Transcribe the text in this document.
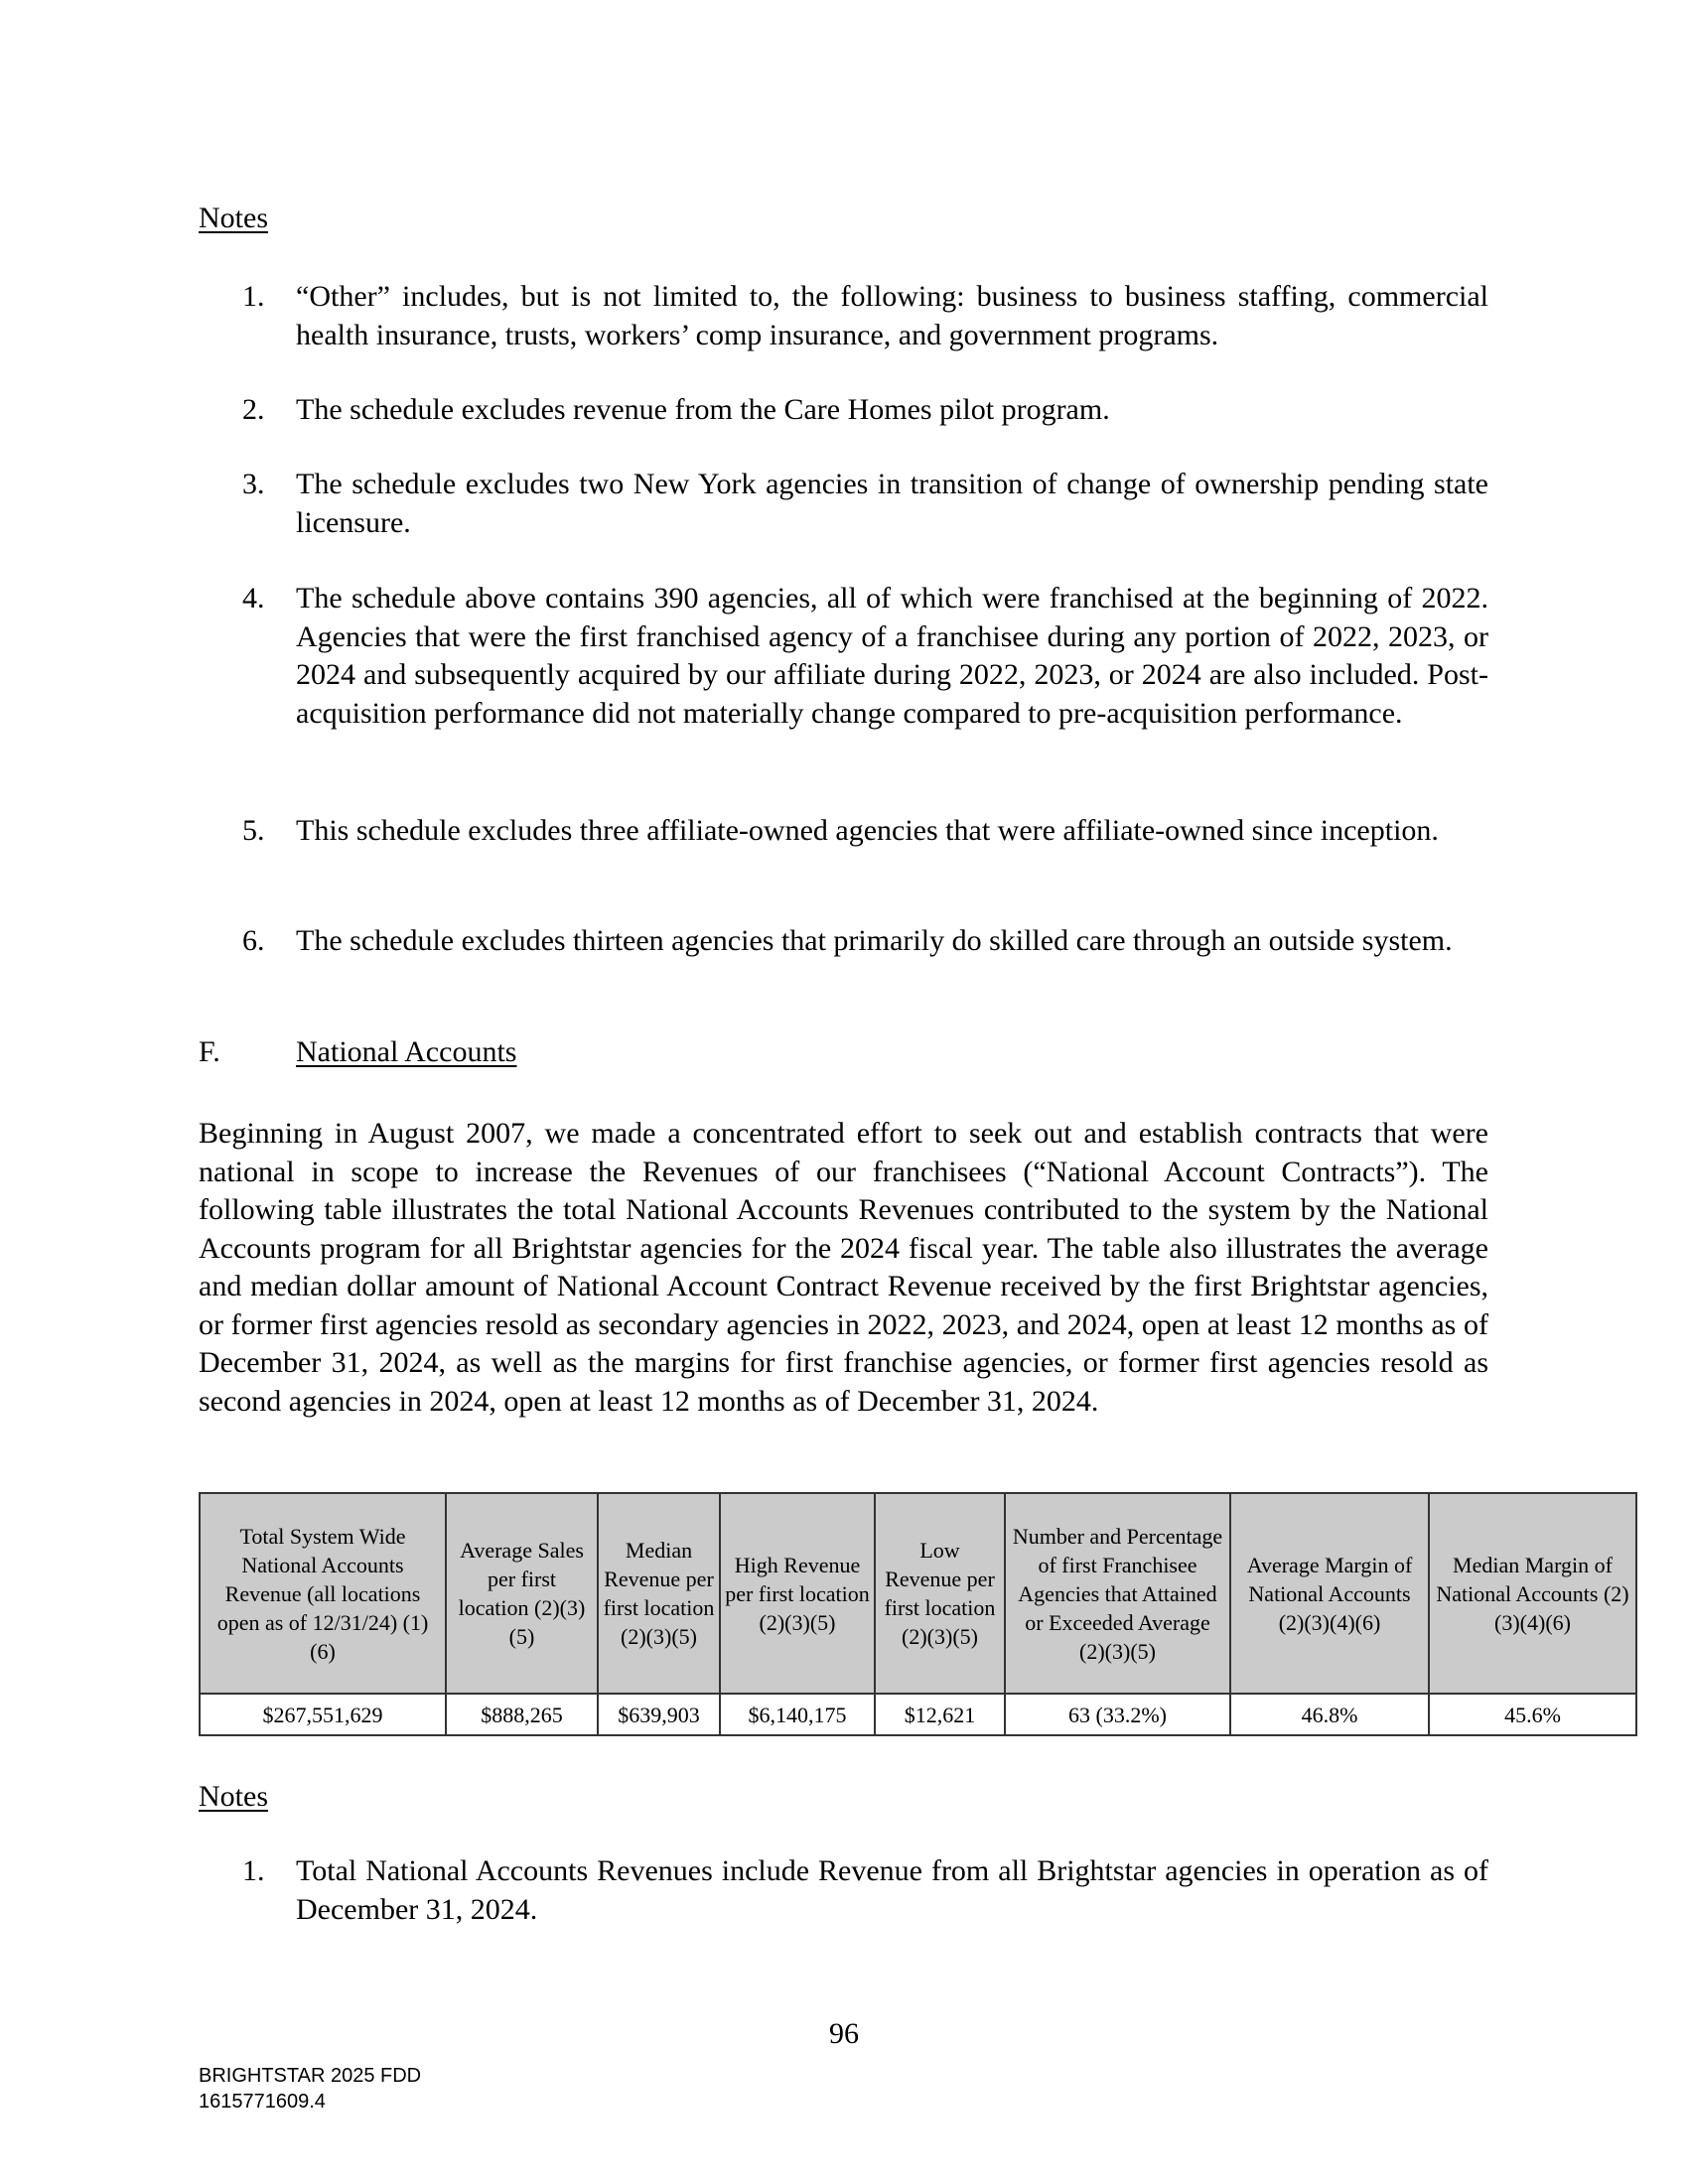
Notes
1. “Other” includes, but is not limited to, the following: business to business staffing, commercial health insurance, trusts, workers’ comp insurance, and government programs.
2. The schedule excludes revenue from the Care Homes pilot program.
3. The schedule excludes two New York agencies in transition of change of ownership pending state licensure.
4. The schedule above contains 390 agencies, all of which were franchised at the beginning of 2022. Agencies that were the first franchised agency of a franchisee during any portion of 2022, 2023, or 2024 and subsequently acquired by our affiliate during 2022, 2023, or 2024 are also included. Post-acquisition performance did not materially change compared to pre-acquisition performance.
5. This schedule excludes three affiliate-owned agencies that were affiliate-owned since inception.
6. The schedule excludes thirteen agencies that primarily do skilled care through an outside system.
F.	National Accounts
Beginning in August 2007, we made a concentrated effort to seek out and establish contracts that were national in scope to increase the Revenues of our franchisees (“National Account Contracts”). The following table illustrates the total National Accounts Revenues contributed to the system by the National Accounts program for all Brightstar agencies for the 2024 fiscal year. The table also illustrates the average and median dollar amount of National Account Contract Revenue received by the first Brightstar agencies, or former first agencies resold as secondary agencies in 2022, 2023, and 2024, open at least 12 months as of December 31, 2024, as well as the margins for first franchise agencies, or former first agencies resold as second agencies in 2024, open at least 12 months as of December 31, 2024.
Total System Wide National Accounts Revenue (all locations open as of 12/31/24) (1)(6)	Average Sales per first location (2)(3)(5)	Median Revenue per first location (2)(3)(5)	High Revenue per first location (2)(3)(5)	Low Revenue per first location (2)(3)(5)	Number and Percentage of first Franchisee Agencies that Attained or Exceeded Average (2)(3)(5)	Average Margin of National Accounts (2)(3)(4)(6)	Median Margin of National Accounts (2)(3)(4)(6)
$267,551,629	$888,265	$639,903	$6,140,175	$12,621	63 (33.2%)	46.8%	45.6%
Notes
1. Total National Accounts Revenues include Revenue from all Brightstar agencies in operation as of December 31, 2024.
96
BRIGHTSTAR 2025 FDD
1615771609.4
